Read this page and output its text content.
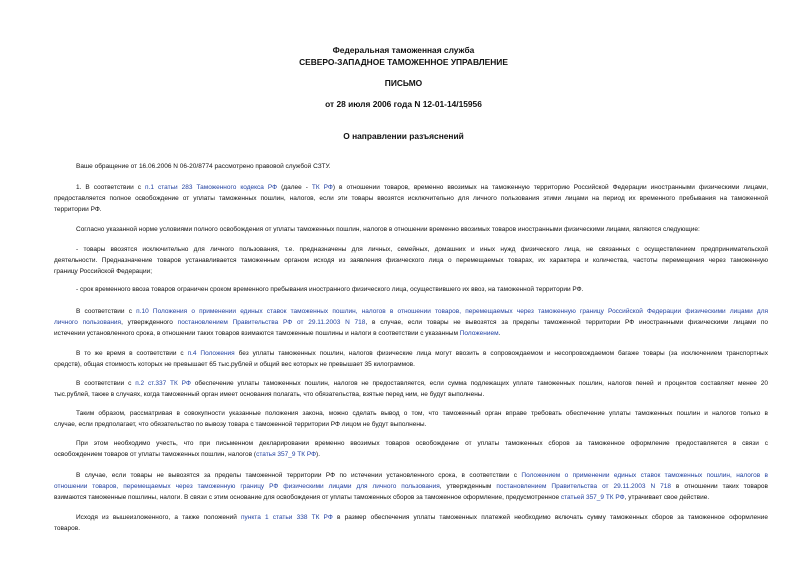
Федеральная таможенная служба
СЕВЕРО-ЗАПАДНОЕ ТАМОЖЕННОЕ УПРАВЛЕНИЕ
ПИСЬМО
от 28 июля 2006 года N 12-01-14/15956
О направлении разъяснений
Ваше обращение от 16.06.2006 N 06-20/8774 рассмотрено правовой службой СЗТУ.
1. В соответствии с п.1 статьи 283 Таможенного кодекса РФ (далее - ТК РФ) в отношении товаров, временно ввозимых на таможенную территорию Российской Федерации иностранными физическими лицами,
предоставляется полное освобождение от уплаты таможенных пошлин, налогов, если эти товары ввозятся исключительно для личного пользования этими лицами на период их временного пребывания на таможенной
территории РФ.
Согласно указанной норме условиями полного освобождения от уплаты таможенных пошлин, налогов в отношении временно ввозимых товаров иностранными физическими лицами, являются следующие:
- товары ввозятся исключительно для личного пользования, т.е. предназначены для личных, семейных, домашних и иных нужд физического лица, не связанных с осуществлением предпринимательской
деятельности. Предназначение товаров устанавливается таможенным органом исходя из заявления физического лица о перемещаемых товарах, их характера и количества, частоты перемещения через таможенную
границу Российской Федерации;
- срок временного ввоза товаров ограничен сроком временного пребывания иностранного физического лица, осуществившего их ввоз, на таможенной территории РФ.
В соответствии с п.10 Положения о применении единых ставок таможенных пошлин, налогов в отношении товаров, перемещаемых через таможенную границу Российской Федерации физическими лицами для
личного пользования, утвержденного постановлением Правительства РФ от 29.11.2003 N 718, в случае, если товары не вывозятся за пределы таможенной территории РФ иностранными физическими лицами по
истечении установленного срока, в отношении таких товаров взимаются таможенные пошлины и налоги в соответствии с указанным Положением.
В то же время в соответствии с п.4 Положения без уплаты таможенных пошлин, налогов физические лица могут ввозить в сопровождаемом и несопровождаемом багаже товары (за исключением транспортных
средств), общая стоимость которых не превышает 65 тыс.рублей и общий вес которых не превышает 35 килограммов.
В соответствии с п.2 ст.337 ТК РФ обеспечение уплаты таможенных пошлин, налогов не предоставляется, если сумма подлежащих уплате таможенных пошлин, налогов пеней и процентов составляет менее 20
тыс.рублей, также в случаях, когда таможенный орган имеет основания полагать, что обязательства, взятые перед ним, не будут выполнены.
Таким образом, рассматривая в совокупности указанные положения закона, можно сделать вывод о том, что таможенный орган вправе требовать обеспечение уплаты таможенных пошлин и налогов только в
случае, если предполагает, что обязательство по вывозу товара с таможенной территории РФ лицом не будут выполнены.
При этом необходимо учесть, что при письменном декларировании временно ввозимых товаров освобождение от уплаты таможенных сборов за таможенное оформление предоставляется в связи с
освобождением товаров от уплаты таможенных пошлин, налогов (статья 357_9 ТК РФ).
В случае, если товары не вывозятся за пределы таможенной территории РФ по истечении установленного срока, в соответствии с Положением о применении единых ставок таможенных пошлин, налогов в
отношении товаров, перемещаемых через таможенную границу РФ физическими лицами для личного пользования, утвержденным постановлением Правительства от 29.11.2003 N 718 в отношении таких товаров
взимаются таможенные пошлины, налоги. В связи с этим основание для освобождения от уплаты таможенных сборов за таможенное оформление, предусмотренное статьей 357_9 ТК РФ, утрачивает свое действие.
Исходя из вышеизложенного, а также положений пункта 1 статьи 338 ТК РФ в размер обеспечения уплаты таможенных платежей необходимо включать сумму таможенных сборов за таможенное оформление
товаров.
